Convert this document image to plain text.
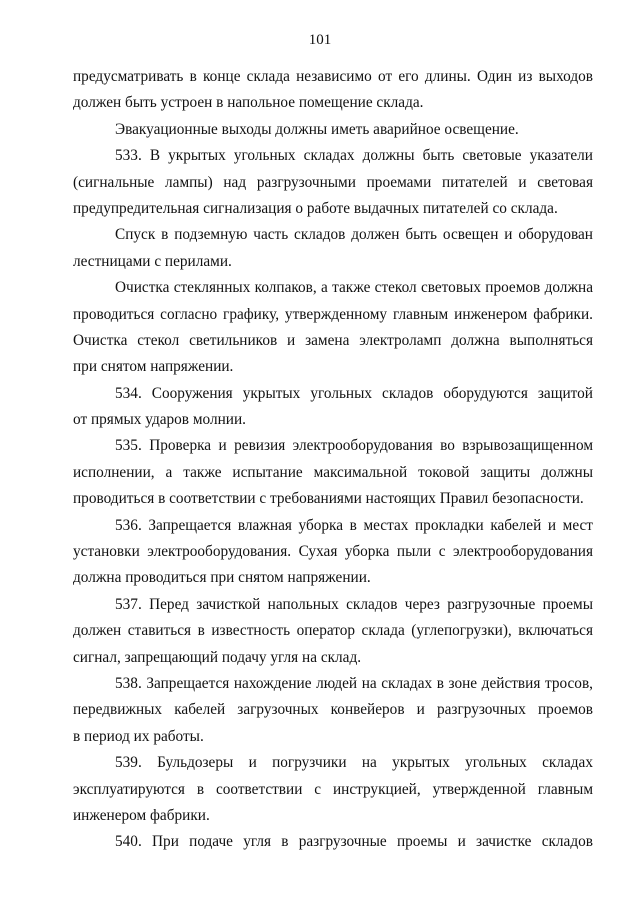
101
предусматривать в конце склада независимо от его длины. Один из выходов
должен быть устроен в напольное помещение склада.
Эвакуационные выходы должны иметь аварийное освещение.
533. В укрытых угольных складах должны быть световые указатели
(сигнальные лампы) над разгрузочными проемами питателей и световая
предупредительная сигнализация о работе выдачных питателей со склада.
Спуск в подземную часть складов должен быть освещен и оборудован
лестницами с перилами.
Очистка стеклянных колпаков, а также стекол световых проемов должна
проводиться согласно графику, утвержденному главным инженером фабрики.
Очистка стекол светильников и замена электроламп должна выполняться
при снятом напряжении.
534. Сооружения укрытых угольных складов оборудуются защитой
от прямых ударов молнии.
535. Проверка и ревизия электрооборудования во взрывозащищенном
исполнении, а также испытание максимальной токовой защиты должны
проводиться в соответствии с требованиями настоящих Правил безопасности.
536. Запрещается влажная уборка в местах прокладки кабелей и мест
установки электрооборудования. Сухая уборка пыли с электрооборудования
должна проводиться при снятом напряжении.
537. Перед зачисткой напольных складов через разгрузочные проемы
должен ставиться в известность оператор склада (углепогрузки), включаться
сигнал, запрещающий подачу угля на склад.
538. Запрещается нахождение людей на складах в зоне действия тросов,
передвижных кабелей загрузочных конвейеров и разгрузочных проемов
в период их работы.
539. Бульдозеры и погрузчики на укрытых угольных складах
эксплуатируются в соответствии с инструкцией, утвержденной главным
инженером фабрики.
540. При подаче угля в разгрузочные проемы и зачистке складов
